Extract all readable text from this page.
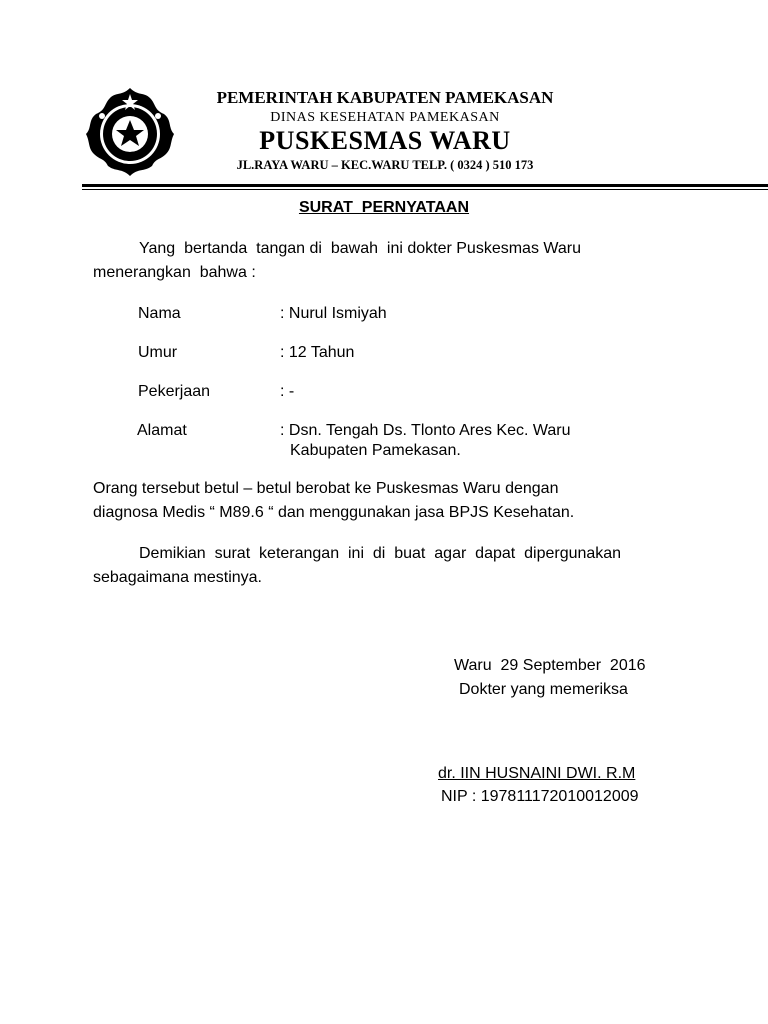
PEMERINTAH KABUPATEN PAMEKASAN
DINAS KESEHATAN PAMEKASAN
PUSKESMAS WARU
JL.RAYA WARU – KEC.WARU TELP. ( 0324 ) 510 173
SURAT  PERNYATAAN
Yang  bertanda  tangan di  bawah  ini dokter Puskesmas Waru
menerangkan  bahwa :
Nama	: Nurul Ismiyah
Umur	: 12 Tahun
Pekerjaan	: -
Alamat	: Dsn. Tengah Ds. Tlonto Ares Kec. Waru
Kabupaten Pamekasan.
Orang tersebut betul – betul berobat ke Puskesmas Waru dengan
diagnosa Medis “ M89.6 “ dan menggunakan jasa BPJS Kesehatan.
Demikian  surat  keterangan  ini  di  buat  agar  dapat  dipergunakan
sebagaimana mestinya.
Waru  29 September  2016
Dokter yang memeriksa
dr. IIN HUSNAINI DWI. R.M
NIP : 197811172010012009
